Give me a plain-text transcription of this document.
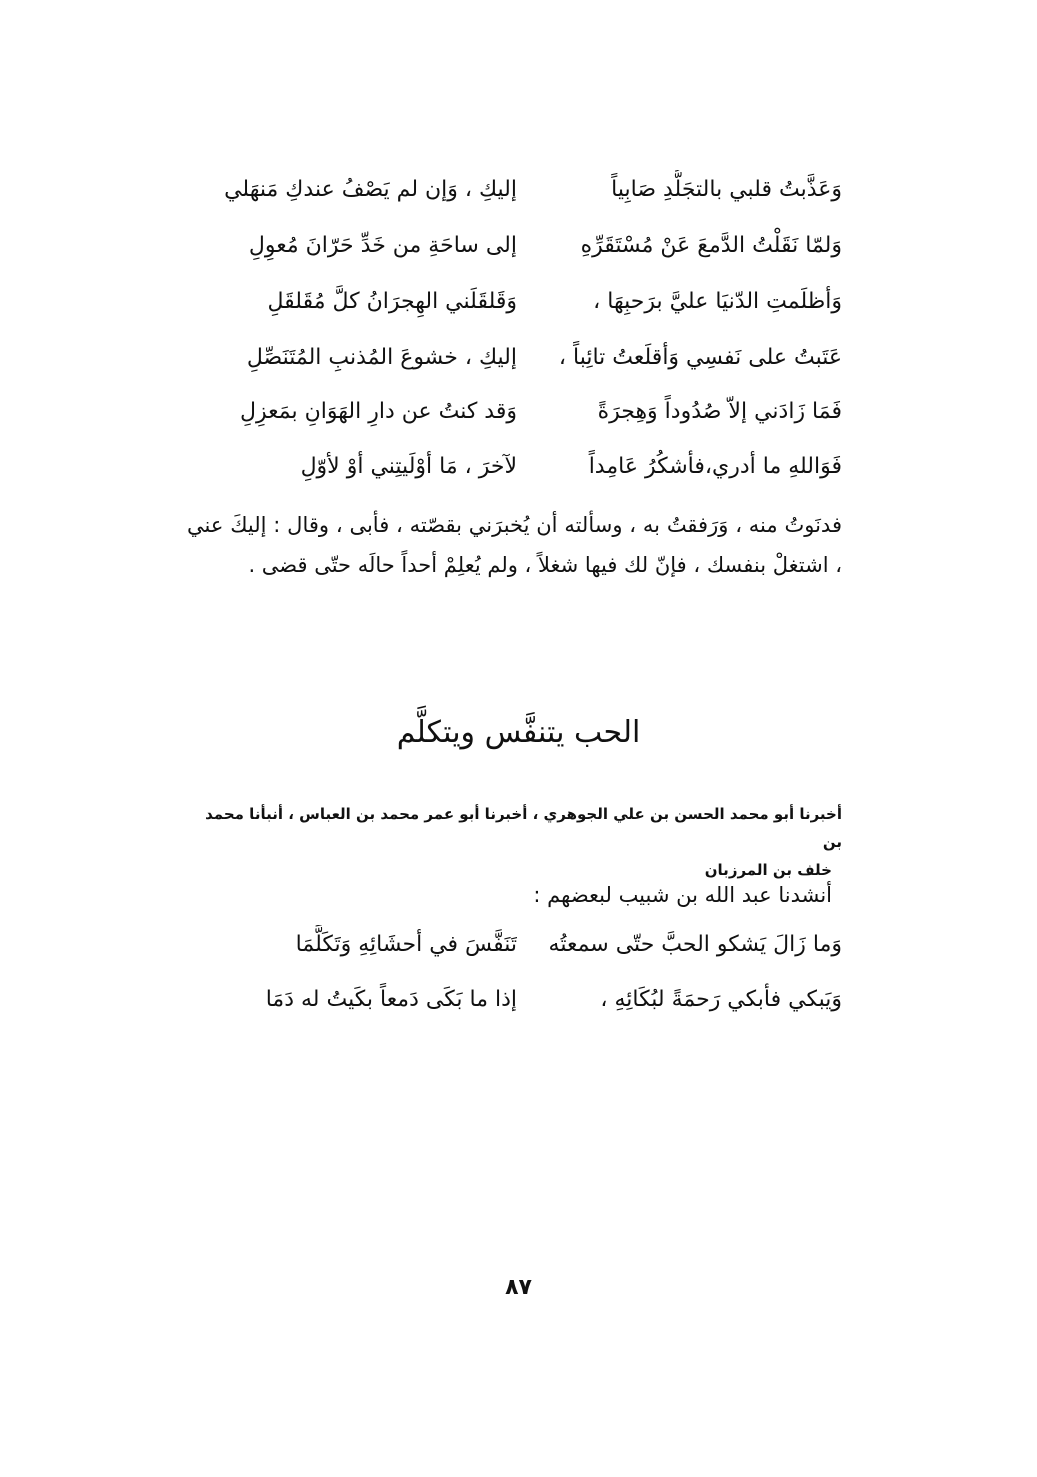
وَعَذَّبتُ قلبي بالتجَلُّدِ صَابِياً
إليكِ ، وَإن لم يَصْفُ عندكِ مَنهَلي
وَلمّا نَقَلْتُ الدَّمعَ عَنْ مُسْتَقَرِّهِ
إلى ساحَةِ من خَدِّ حَرّانَ مُعوِلِ
وَأظلَمتِ الدّنيَا عليَّ برَحبِهَا ،
وَقَلقَلَني الهِجرَانُ كلَّ مُقَلقَلِ
عَتَبتُ على نَفسِي وَأقلَعتُ تائِباً ،
إليكِ ، خشوعَ المُذنبِ المُتَنَصِّلِ
فَمَا زَادَني إلاّ صُدُوداً وَهِجرَةً
وَقد كنتُ عن دارِ الهَوَانِ بمَعزِلِ
فَوَاللهِ ما أدري،فأشكُرُ عَامِداً
لآخرَ ، مَا أوْلَيتِني أوْ لأوّلِ
فدنَوتُ منه ، وَرَفقتُ به ، وسألته أن يُخبرَني بقصّته ، فأبى ، وقال : إليكَ عني ، اشتغلْ بنفسك ، فإنّ لك فيها شغلاً ، ولم يُعلِمْ أحداً حالَه حتّى قضى .
الحب يتنفَّس ويتكلَّم
أخبرنا أبو محمد الحسن بن علي الجوهري ، أخبرنا أبو عمر محمد بن العباس ، أنبأنا محمد بن
خلف بن المرزبان
أنشدنا عبد الله بن شبيب لبعضهم :
وَما زَالَ يَشكو الحبَّ حتّى سمعتُه
تَنَفَّسَ في أحشَائِهِ وَتَكَلَّمَا
وَيَبكي فأبكي رَحمَةً لبُكَائِهِ ،
إذا ما بَكَى دَمعاً بكَيتُ له دَمَا
٨٧
